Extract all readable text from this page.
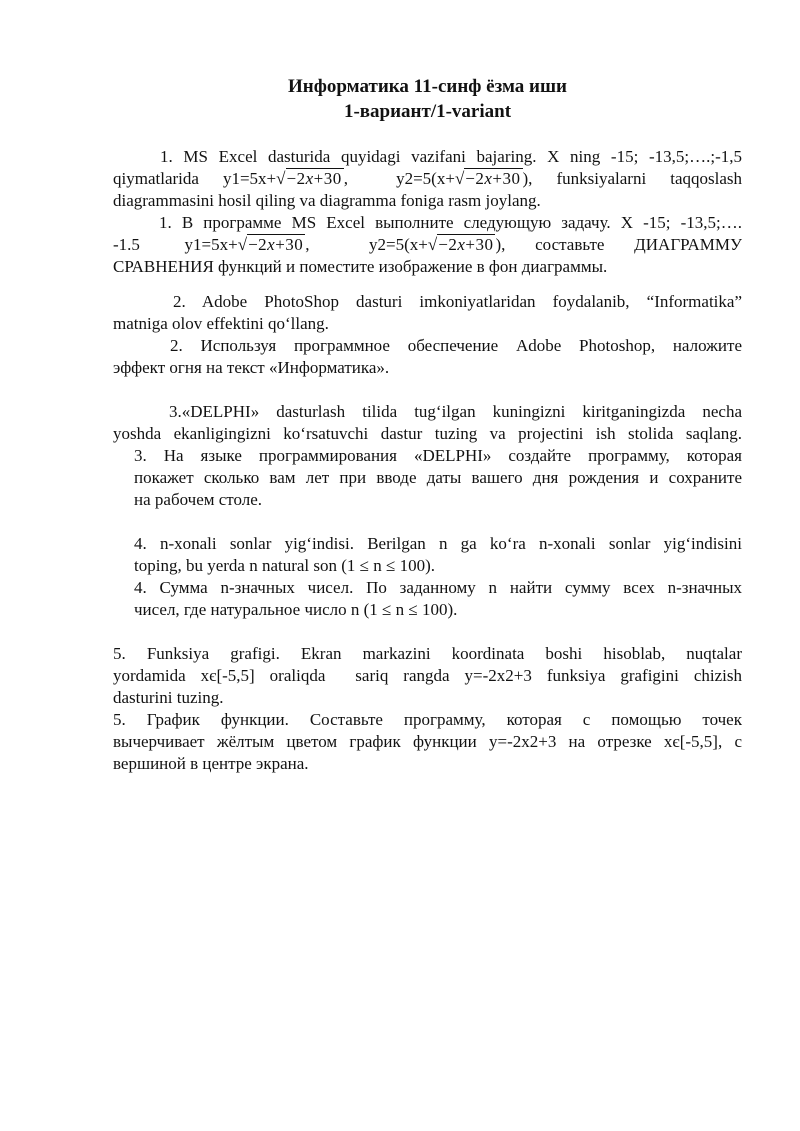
Информатика 11-синф ёзма иши
1-вариант/1-variant
1. MS Excel dasturida quyidagi vazifani bajaring. X ning -15; -13,5;….;-1,5
qiymatlarida  y1=5x+√−2x+30 ,    y2=5(x+√−2x+30 ),  funksiyalarni  taqqoslash
diagrammasini hosil qiling va diagramma foniga rasm joylang.
1. В программе MS Excel выполните следующую задачу. X -15; -13,5;….
-1.5   y1=5x+√−2x+30 ,    y2=5(x+√−2x+30 ),  составьте  ДИАГРАММУ
СРАВНЕНИЯ функций и поместите изображение в фон диаграммы.
2. Adobe PhotoShop dasturi imkoniyatlaridan foydalanib, “Informatika”
matniga olov effektini qo‘llang.
2. Используя программное обеспечение Adobe Photoshop, наложите
эффект огня на текст «Информатика».
3.«DELPHI» dasturlash tilida tug‘ilgan kuningizni kiritganingizda necha
yoshda ekanligingizni ko‘rsatuvchi dastur tuzing va projectini ish stolida saqlang.
3. На языке программирования «DELPHI» создайте программу, которая
покажет сколько вам лет при вводе даты вашего дня рождения и сохраните
на рабочем столе.
4. n-xonali sonlar yig‘indisi. Berilgan n ga ko‘ra n-xonali sonlar yig‘indisini
toping, bu yerda n natural son (1 ≤ n ≤ 100).
4. Сумма n-значных чисел. По заданному n найти сумму всех n-значных
чисел, где натуральное число n (1 ≤ n ≤ 100).
5. Funksiya grafigi. Ekran markazini koordinata boshi hisoblab, nuqtalar
yordamida xє[-5,5] oraliqda  sariq rangda y=-2x2+3 funksiya grafigini chizish
dasturini tuzing.
5. График функции. Составьте программу, которая с помощью точек
вычерчивает жёлтым цветом график функции y=-2x2+3 на отрезке xє[-5,5], с
вершиной в центре экрана.
